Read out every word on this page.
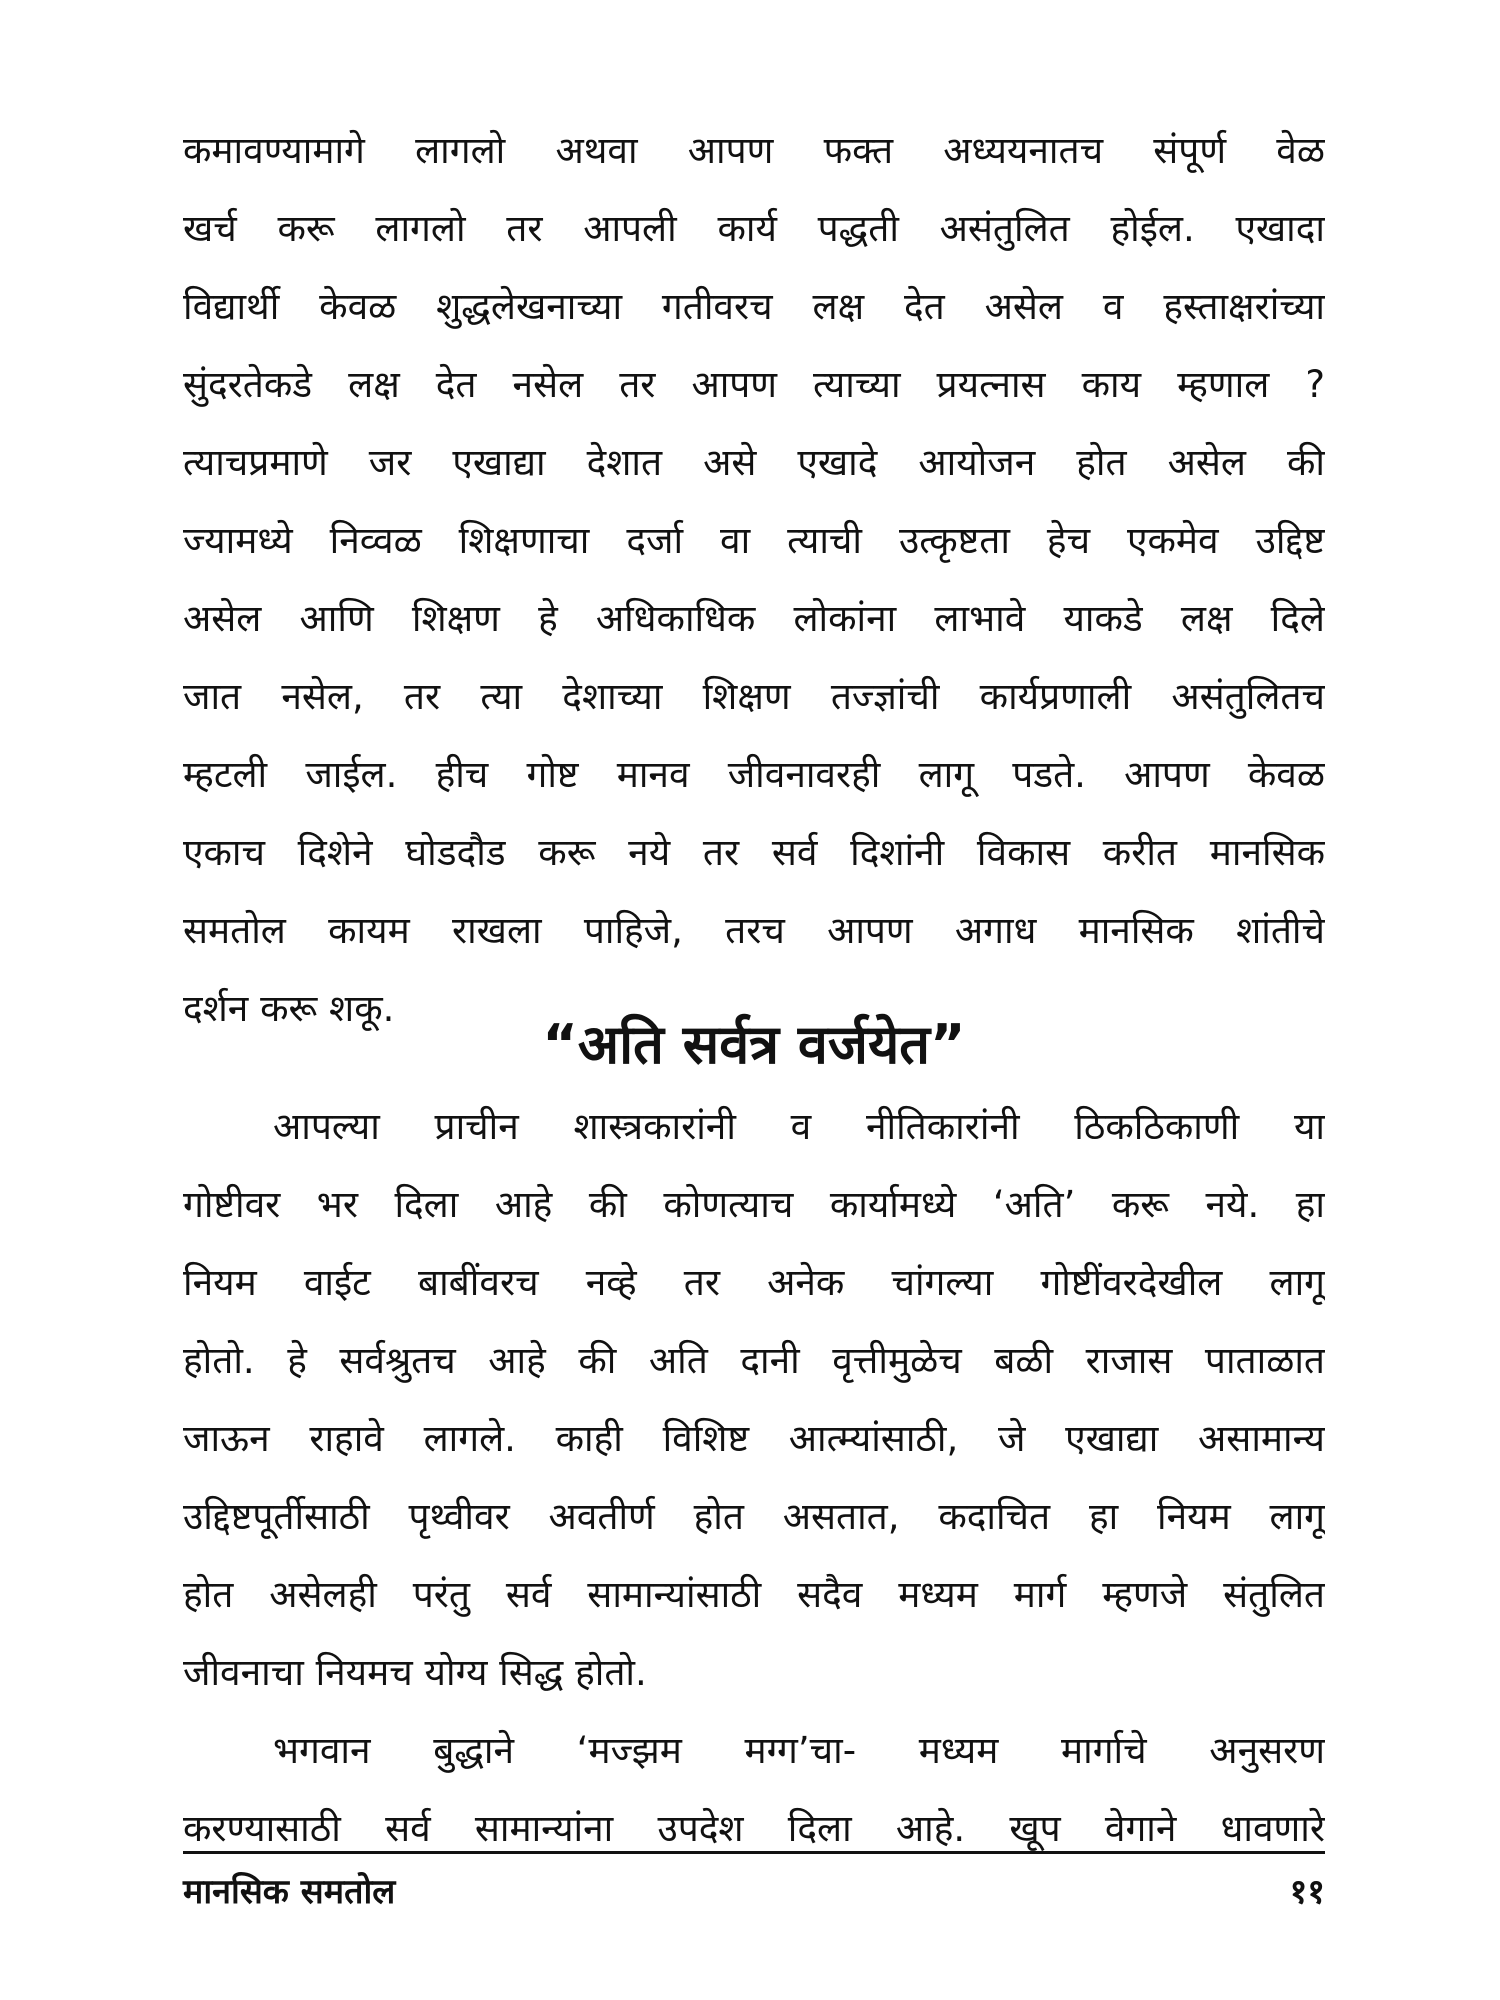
कमावण्यामागे लागलो अथवा आपण फक्त अध्ययनातच संपूर्ण वेळ
खर्च करू लागलो तर आपली कार्य पद्धती असंतुलित होईल. एखादा
विद्यार्थी केवळ शुद्धलेखनाच्या गतीवरच लक्ष देत असेल व हस्ताक्षरांच्या
सुंदरतेकडे लक्ष देत नसेल तर आपण त्याच्या प्रयत्नास काय म्हणाल ?
त्याचप्रमाणे जर एखाद्या देशात असे एखादे आयोजन होत असेल की
ज्यामध्ये निव्वळ शिक्षणाचा दर्जा वा त्याची उत्कृष्टता हेच एकमेव उद्दिष्ट
असेल आणि शिक्षण हे अधिकाधिक लोकांना लाभावे याकडे लक्ष दिले
जात नसेल, तर त्या देशाच्या शिक्षण तज्ज्ञांची कार्यप्रणाली असंतुलितच
म्हटली जाईल. हीच गोष्ट मानव जीवनावरही लागू पडते. आपण केवळ
एकाच दिशेने घोडदौड करू नये तर सर्व दिशांनी विकास करीत मानसिक
समतोल कायम राखला पाहिजे, तरच आपण अगाध मानसिक शांतीचे
दर्शन करू शकू.
“अति सर्वत्र वर्जयेत”
आपल्या प्राचीन शास्त्रकारांनी व नीतिकारांनी ठिकठिकाणी या
गोष्टीवर भर दिला आहे की कोणत्याच कार्यामध्ये ‘अति’ करू नये. हा
नियम वाईट बाबींवरच नव्हे तर अनेक चांगल्या गोष्टींवरदेखील लागू
होतो. हे सर्वश्रुतच आहे की अति दानी वृत्तीमुळेच बळी राजास पाताळात
जाऊन राहावे लागले. काही विशिष्ट आत्म्यांसाठी, जे एखाद्या असामान्य
उद्दिष्टपूर्तीसाठी पृथ्वीवर अवतीर्ण होत असतात, कदाचित हा नियम लागू
होत असेलही परंतु सर्व सामान्यांसाठी सदैव मध्यम मार्ग म्हणजे संतुलित
जीवनाचा नियमच योग्य सिद्ध होतो.
भगवान बुद्धाने ‘मज्झम मग्ग’चा- मध्यम मार्गाचे अनुसरण
करण्यासाठी सर्व सामान्यांना उपदेश दिला आहे. खूप वेगाने धावणारे
मानसिक समतोल	११
